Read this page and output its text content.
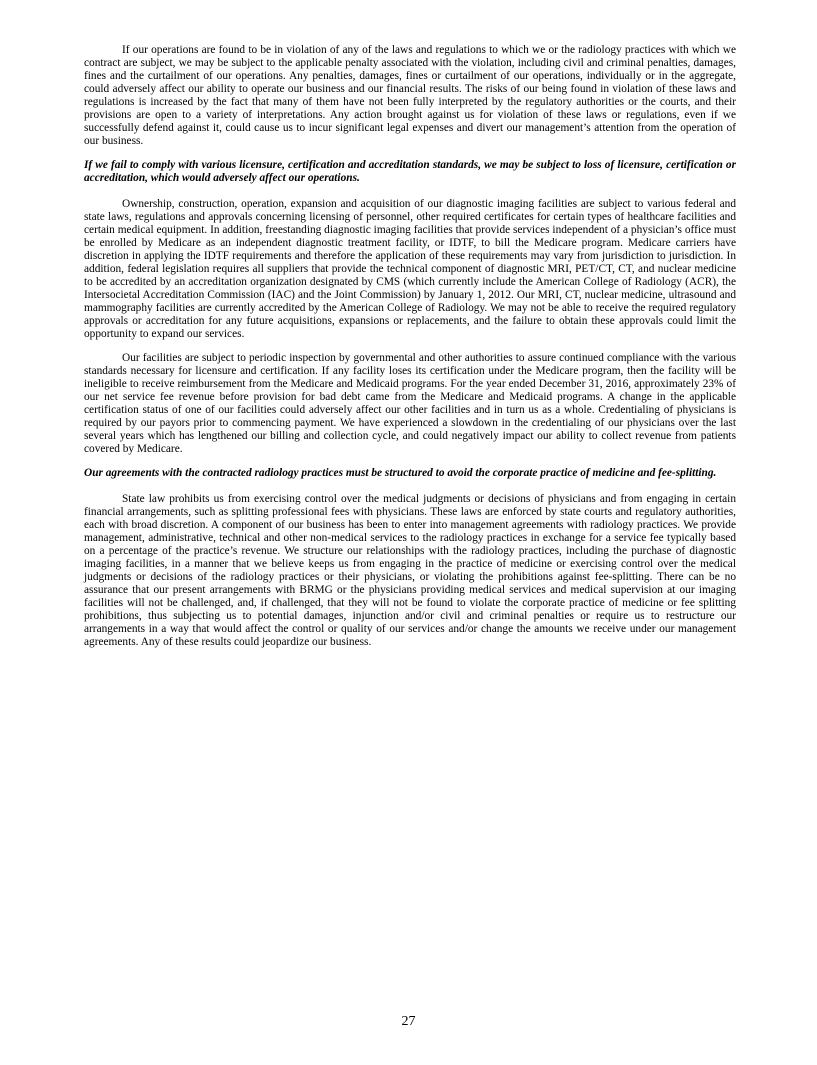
If our operations are found to be in violation of any of the laws and regulations to which we or the radiology practices with which we contract are subject, we may be subject to the applicable penalty associated with the violation, including civil and criminal penalties, damages, fines and the curtailment of our operations. Any penalties, damages, fines or curtailment of our operations, individually or in the aggregate, could adversely affect our ability to operate our business and our financial results. The risks of our being found in violation of these laws and regulations is increased by the fact that many of them have not been fully interpreted by the regulatory authorities or the courts, and their provisions are open to a variety of interpretations. Any action brought against us for violation of these laws or regulations, even if we successfully defend against it, could cause us to incur significant legal expenses and divert our management’s attention from the operation of our business.

If we fail to comply with various licensure, certification and accreditation standards, we may be subject to loss of licensure, certification or accreditation, which would adversely affect our operations.

Ownership, construction, operation, expansion and acquisition of our diagnostic imaging facilities are subject to various federal and state laws, regulations and approvals concerning licensing of personnel, other required certificates for certain types of healthcare facilities and certain medical equipment. In addition, freestanding diagnostic imaging facilities that provide services independent of a physician’s office must be enrolled by Medicare as an independent diagnostic treatment facility, or IDTF, to bill the Medicare program. Medicare carriers have discretion in applying the IDTF requirements and therefore the application of these requirements may vary from jurisdiction to jurisdiction. In addition, federal legislation requires all suppliers that provide the technical component of diagnostic MRI, PET/CT, CT, and nuclear medicine to be accredited by an accreditation organization designated by CMS (which currently include the American College of Radiology (ACR), the Intersocietal Accreditation Commission (IAC) and the Joint Commission) by January 1, 2012. Our MRI, CT, nuclear medicine, ultrasound and mammography facilities are currently accredited by the American College of Radiology. We may not be able to receive the required regulatory approvals or accreditation for any future acquisitions, expansions or replacements, and the failure to obtain these approvals could limit the opportunity to expand our services.

Our facilities are subject to periodic inspection by governmental and other authorities to assure continued compliance with the various standards necessary for licensure and certification. If any facility loses its certification under the Medicare program, then the facility will be ineligible to receive reimbursement from the Medicare and Medicaid programs. For the year ended December 31, 2016, approximately 23% of our net service fee revenue before provision for bad debt came from the Medicare and Medicaid programs. A change in the applicable certification status of one of our facilities could adversely affect our other facilities and in turn us as a whole. Credentialing of physicians is required by our payors prior to commencing payment. We have experienced a slowdown in the credentialing of our physicians over the last several years which has lengthened our billing and collection cycle, and could negatively impact our ability to collect revenue from patients covered by Medicare.

Our agreements with the contracted radiology practices must be structured to avoid the corporate practice of medicine and fee-splitting.

State law prohibits us from exercising control over the medical judgments or decisions of physicians and from engaging in certain financial arrangements, such as splitting professional fees with physicians. These laws are enforced by state courts and regulatory authorities, each with broad discretion. A component of our business has been to enter into management agreements with radiology practices. We provide management, administrative, technical and other non-medical services to the radiology practices in exchange for a service fee typically based on a percentage of the practice’s revenue. We structure our relationships with the radiology practices, including the purchase of diagnostic imaging facilities, in a manner that we believe keeps us from engaging in the practice of medicine or exercising control over the medical judgments or decisions of the radiology practices or their physicians, or violating the prohibitions against fee-splitting. There can be no assurance that our present arrangements with BRMG or the physicians providing medical services and medical supervision at our imaging facilities will not be challenged, and, if challenged, that they will not be found to violate the corporate practice of medicine or fee splitting prohibitions, thus subjecting us to potential damages, injunction and/or civil and criminal penalties or require us to restructure our arrangements in a way that would affect the control or quality of our services and/or change the amounts we receive under our management agreements. Any of these results could jeopardize our business.

27
